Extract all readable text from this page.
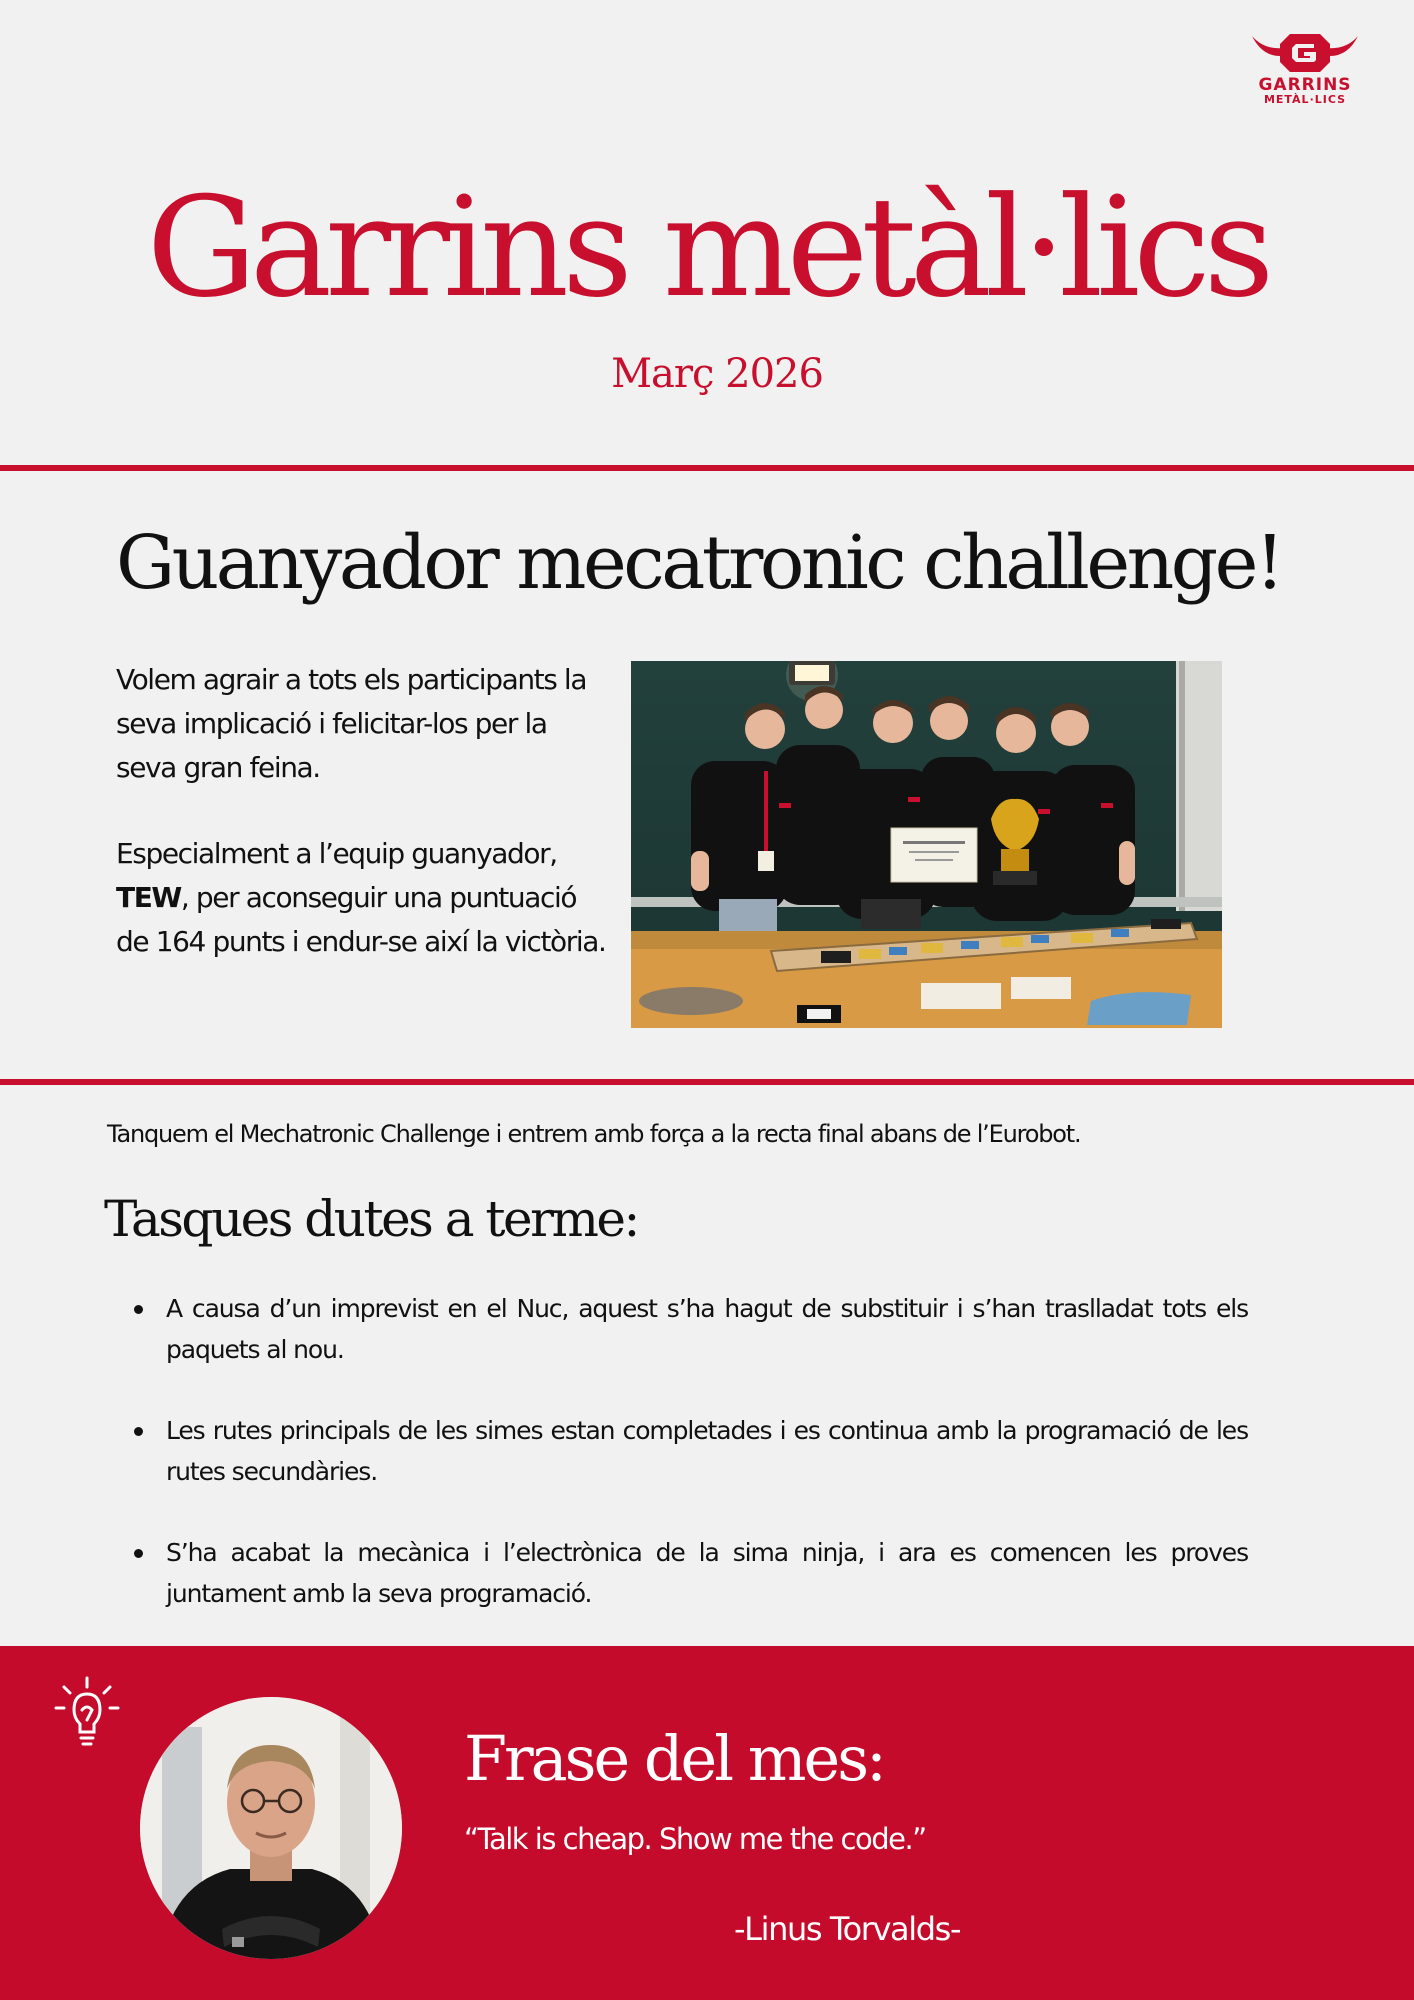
GARRINS
METÀL·LICS
Garrins metàl·lics
Març 2026
Guanyador mecatronic challenge!

Volem agrair a tots els participants la seva implicació i felicitar-los per la seva gran feina.

Especialment a l’equip guanyador,
TEW, per aconseguir una puntuació de 164 punts i endur-se així la victòria.

Tanquem el Mechatronic Challenge i entrem amb força a la recta final abans de l’Eurobot.
Tasques dutes a terme:
A causa d’un imprevist en el Nuc, aquest s’ha hagut de substituir i s’han traslladat tots els paquets al nou.
Les rutes principals de les simes estan completades i es continua amb la programació de les rutes secundàries.
S’ha acabat la mecànica i l’electrònica de la sima ninja, i ara es comencen les proves juntament amb la seva programació.
Frase del mes:
“Talk is cheap. Show me the code.”
-Linus Torvalds-
